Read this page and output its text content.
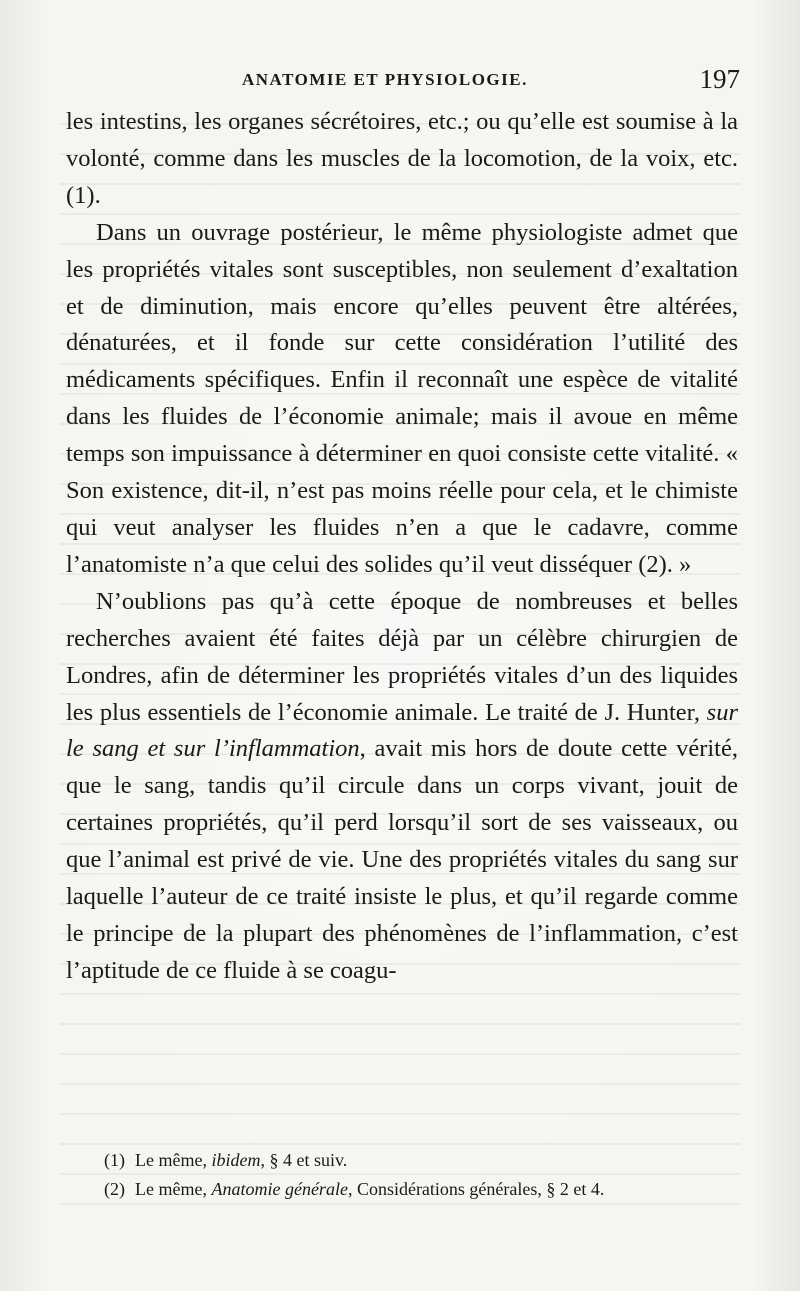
ANATOMIE ET PHYSIOLOGIE.	197

les intestins, les organes sécrétoires, etc.; ou qu’elle est soumise à la volonté, comme dans les muscles de la locomotion, de la voix, etc. (1).

Dans un ouvrage postérieur, le même physiologiste admet que les propriétés vitales sont susceptibles, non seulement d’exaltation et de diminution, mais encore qu’elles peuvent être altérées, dénaturées, et il fonde sur cette considération l’utilité des médicaments spécifiques. Enfin il reconnaît une espèce de vitalité dans les fluides de l’économie animale; mais il avoue en même temps son impuissance à déterminer en quoi consiste cette vitalité. « Son existence, dit-il, n’est pas moins réelle pour cela, et le chimiste qui veut analyser les fluides n’en a que le cadavre, comme l’anatomiste n’a que celui des solides qu’il veut disséquer (2). »

N’oublions pas qu’à cette époque de nombreuses et belles recherches avaient été faites déjà par un célèbre chirurgien de Londres, afin de déterminer les propriétés vitales d’un des liquides les plus essentiels de l’économie animale. Le traité de J. Hunter, sur le sang et sur l’inflammation, avait mis hors de doute cette vérité, que le sang, tandis qu’il circule dans un corps vivant, jouit de certaines propriétés, qu’il perd lorsqu’il sort de ses vaisseaux, ou que l’animal est privé de vie. Une des propriétés vitales du sang sur laquelle l’auteur de ce traité insiste le plus, et qu’il regarde comme le principe de la plupart des phénomènes de l’inflammation, c’est l’aptitude de ce fluide à se coagu-

(1) Le même, ibidem, § 4 et suiv.

(2) Le même, Anatomie générale, Considérations générales, § 2 et 4.
